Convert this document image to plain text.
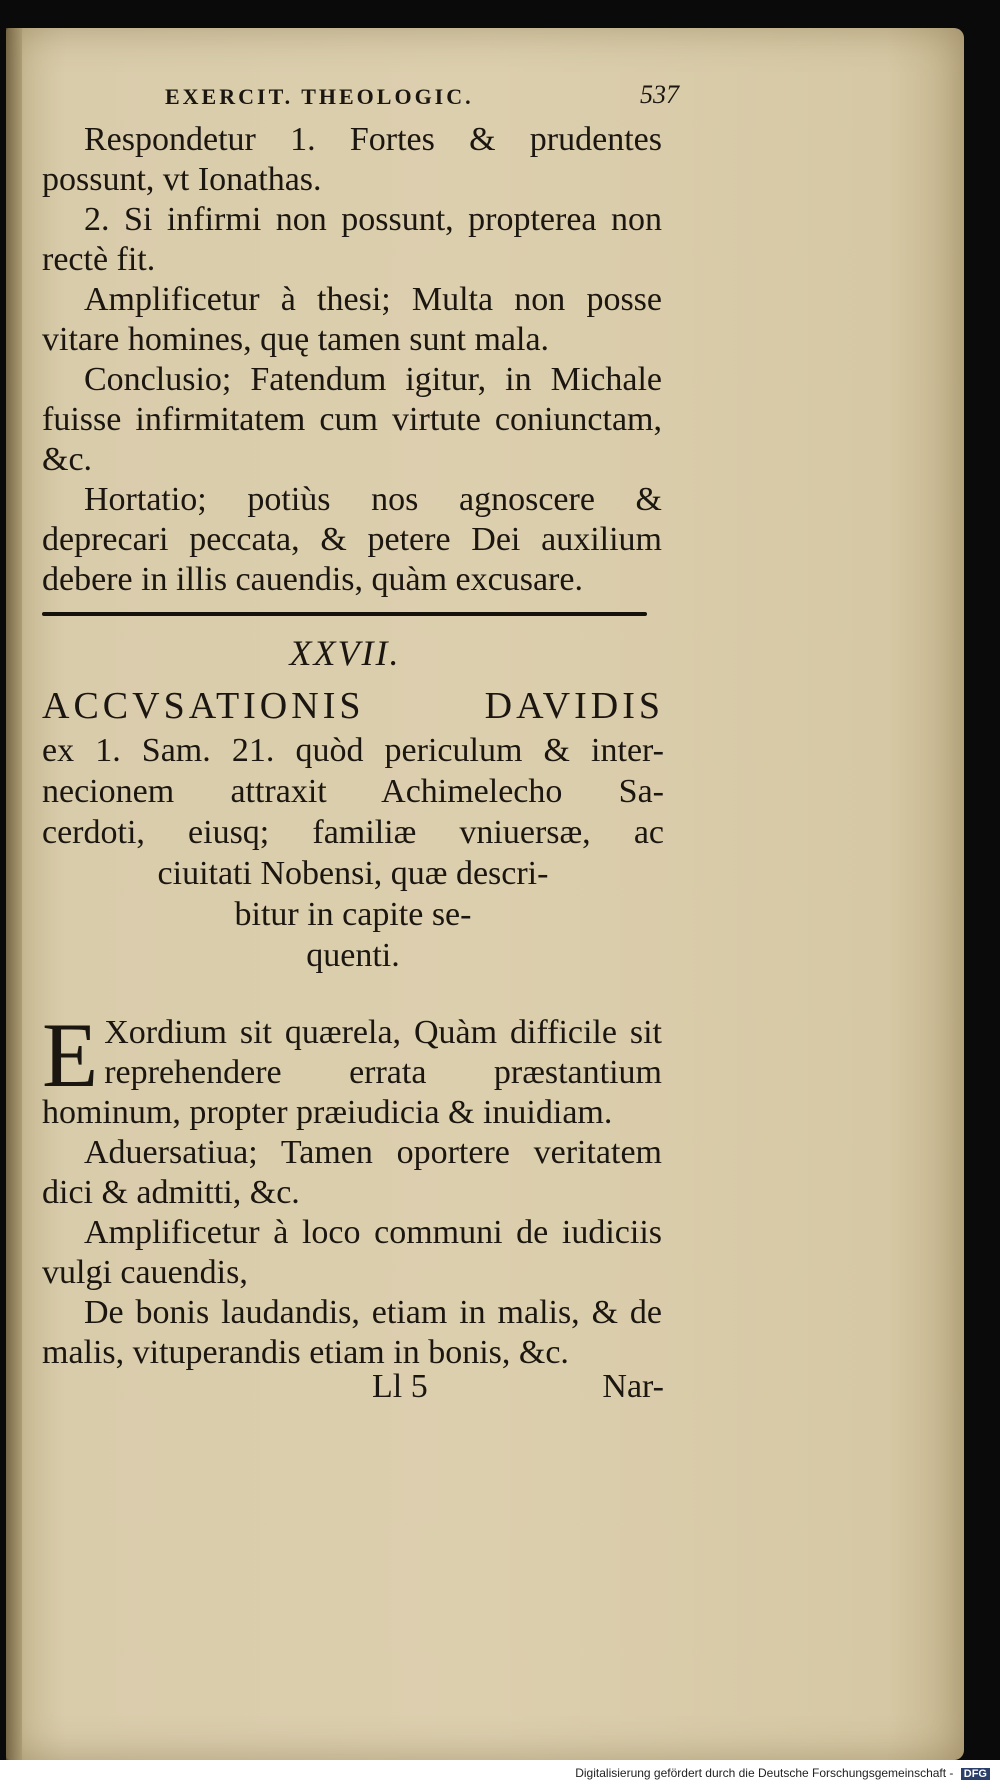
EXERCIT. THEOLOGIC.	537

Respondetur 1. Fortes & prudentes possunt, vt Ionathas.

2. Si infirmi non possunt, propterea non rectè fit.

Amplificetur à thesi; Multa non posse vitare homines, quę tamen sunt mala.

Conclusio; Fatendum igitur, in Michale fuisse infirmitatem cum virtute coniunctam, &c.

Hortatio; potiùs nos agnoscere & deprecari peccata, & petere Dei auxilium debere in illis cauendis, quàm excusare.

XXVII.
ACCVSATIONIS DAVIDIS
ex 1. Sam. 21. quòd periculum & inter-
necionem attraxit Achimelecho Sa-
cerdoti, eiusq; familiæ vniuersæ, ac
ciuitati Nobensi, quæ descri-
bitur in capite se-
quenti.

E Xordium sit quærela, Quàm difficile sit reprehendere errata præstantium hominum, propter præiudicia & inuidiam.

Aduersatiua; Tamen oportere veritatem dici & admitti, &c.

Amplificetur à loco communi de iudiciis vulgi cauendis,

De bonis laudandis, etiam in malis, & de malis, vituperandis etiam in bonis, &c.

Ll 5	Nar-
Digitalisierung gefördert durch die Deutsche Forschungsgemeinschaft - DFG
